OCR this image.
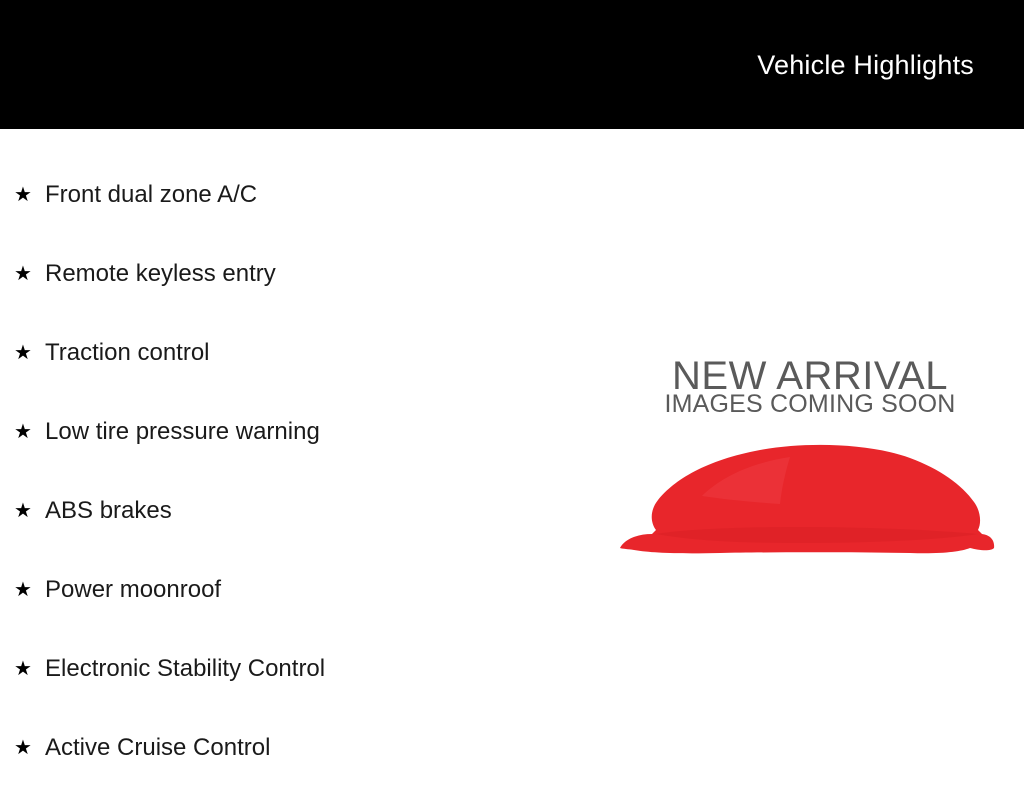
Vehicle Highlights
★ Front dual zone A/C
★ Remote keyless entry
★ Traction control
★ Low tire pressure warning
★ ABS brakes
★ Power moonroof
★ Electronic Stability Control
★ Active Cruise Control
NEW ARRIVAL
IMAGES COMING SOON
